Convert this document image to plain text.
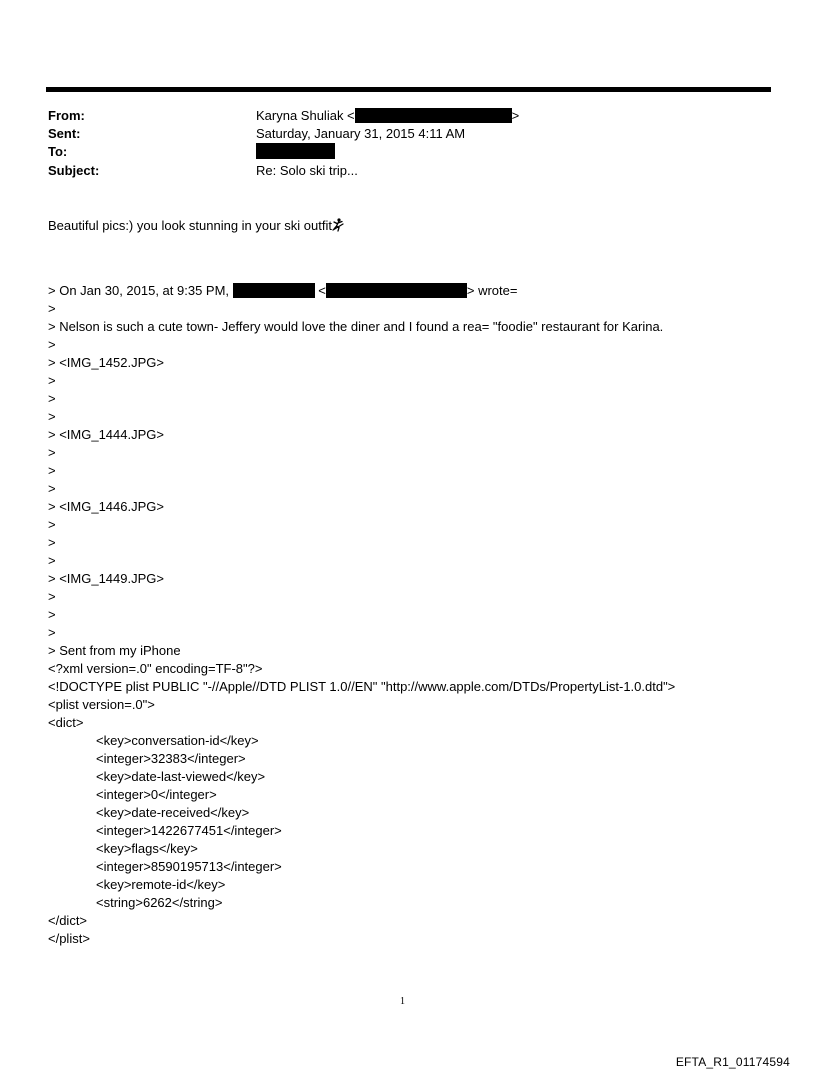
From:	Karyna Shuliak <	>
Sent:	Saturday, January 31, 2015 4:11 AM
To:
Subject:	Re: Solo ski trip...
Beautiful pics:) you look stunning in your ski outfit
> On Jan 30, 2015, at 9:35 PM,	<	> wrote=
>
> Nelson is such a cute town- Jeffery would love the diner and I found a rea= "foodie" restaurant for Karina.
>
> <IMG_1452.JPG>
>
>
>
> <IMG_1444.JPG>
>
>
>
> <IMG_1446.JPG>
>
>
>
> <IMG_1449.JPG>
>
>
>
> Sent from my iPhone
<?xml version=.0" encoding=TF-8"?>
<!DOCTYPE plist PUBLIC "-//Apple//DTD PLIST 1.0//EN" "http://www.apple.com/DTDs/PropertyList-1.0.dtd">
<plist version=.0">
<dict>
<key>conversation-id</key>
<integer>32383</integer>
<key>date-last-viewed</key>
<integer>0</integer>
<key>date-received</key>
<integer>1422677451</integer>
<key>flags</key>
<integer>8590195713</integer>
<key>remote-id</key>
<string>6262</string>
</dict>
</plist>
1
EFTA_R1_01174594
